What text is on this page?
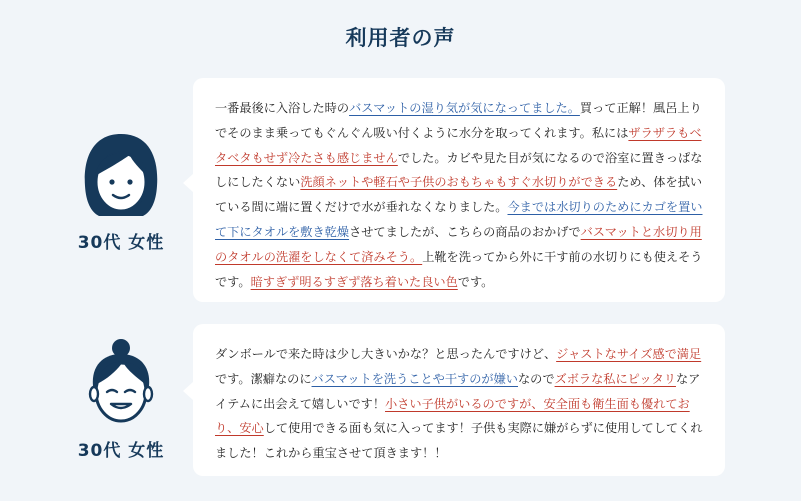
利用者の声
30代 女性

一番最後に入浴した時のバスマットの湿り気が気になってました。買って正解！風呂上りでそのまま乗ってもぐんぐん吸い付くように水分を取ってくれます。私にはザラザラもベタベタもせず冷たさも感じませんでした。カビや見た目が気になるので浴室に置きっぱなしにしたくない洗顔ネットや軽石や子供のおもちゃもすぐ水切りができるため、体を拭いている間に端に置くだけで水が垂れなくなりました。今までは水切りのためにカゴを置いて下にタオルを敷き乾燥させてましたが、こちらの商品のおかげでバスマットと水切り用のタオルの洗濯をしなくて済みそう。上靴を洗ってから外に干す前の水切りにも使えそうです。暗すぎず明るすぎず落ち着いた良い色です。

30代 女性

ダンボールで来た時は少し大きいかな？と思ったんですけど、ジャストなサイズ感で満足です。潔癖なのにバスマットを洗うことや干すのが嫌いなのでズボラな私にピッタリなアイテムに出会えて嬉しいです！小さい子供がいるのですが、安全面も衛生面も優れており、安心して使用できる面も気に入ってます！子供も実際に嫌がらずに使用してしてくれました！これから重宝させて頂きます！！
